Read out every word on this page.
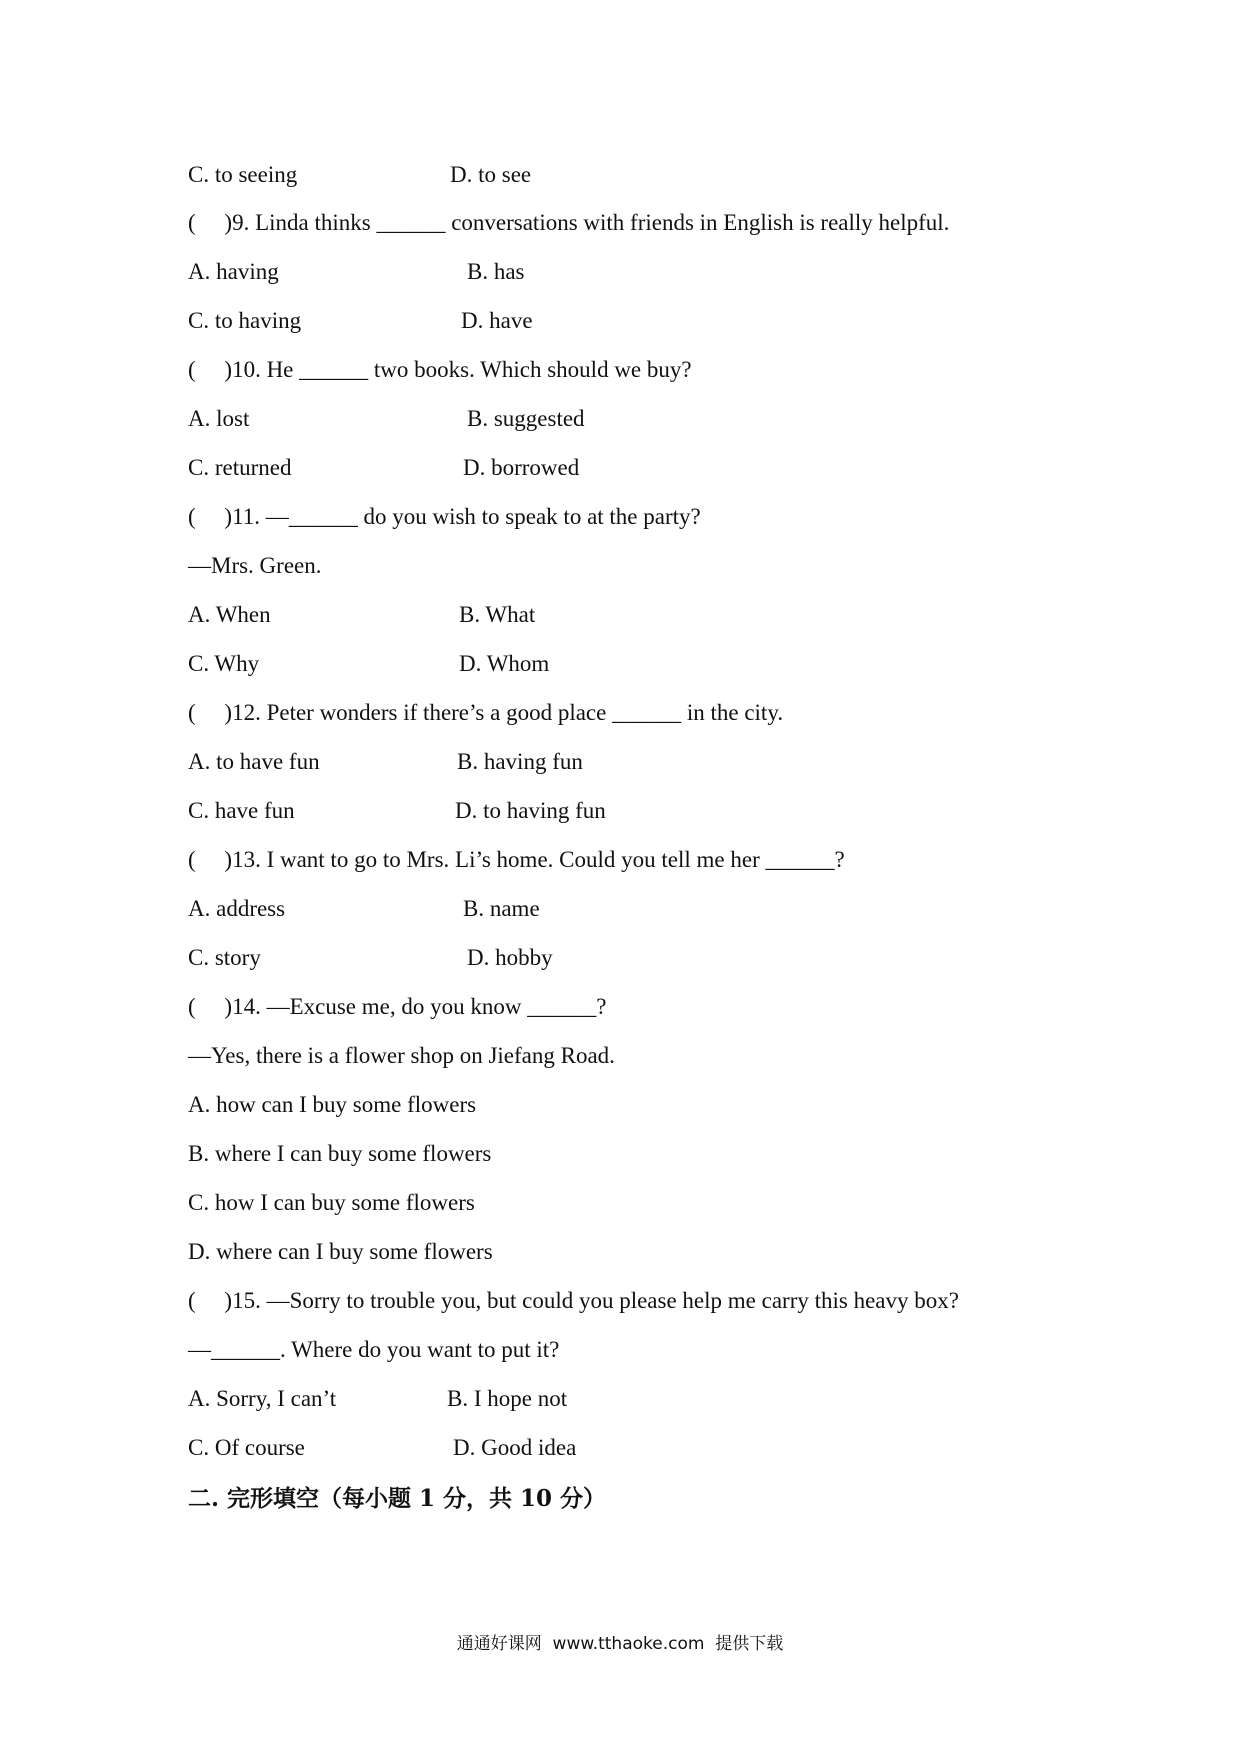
C. to seeing	D. to see
(     )9. Linda thinks ______ conversations with friends in English is really helpful.
A. having	B. has
C. to having	D. have
(     )10. He ______ two books. Which should we buy?
A. lost	B. suggested
C. returned	D. borrowed
(     )11. —______ do you wish to speak to at the party?
—Mrs. Green.
A. When	B. What
C. Why	D. Whom
(     )12. Peter wonders if there’s a good place ______ in the city.
A. to have fun	B. having fun
C. have fun	D. to having fun
(     )13. I want to go to Mrs. Li’s home. Could you tell me her ______?
A. address	B. name
C. story	D. hobby
(     )14. —Excuse me, do you know ______?
—Yes, there is a flower shop on Jiefang Road.
A. how can I buy some flowers
B. where I can buy some flowers
C. how I can buy some flowers
D. where can I buy some flowers
(     )15. —Sorry to trouble you, but could you please help me carry this heavy box?
—______. Where do you want to put it?
A. Sorry, I can’t	B. I hope not
C. Of course	D. Good idea
二. 完形填空（每小题 1 分，共 10 分）
通通好课网  www.tthaoke.com  提供下载
